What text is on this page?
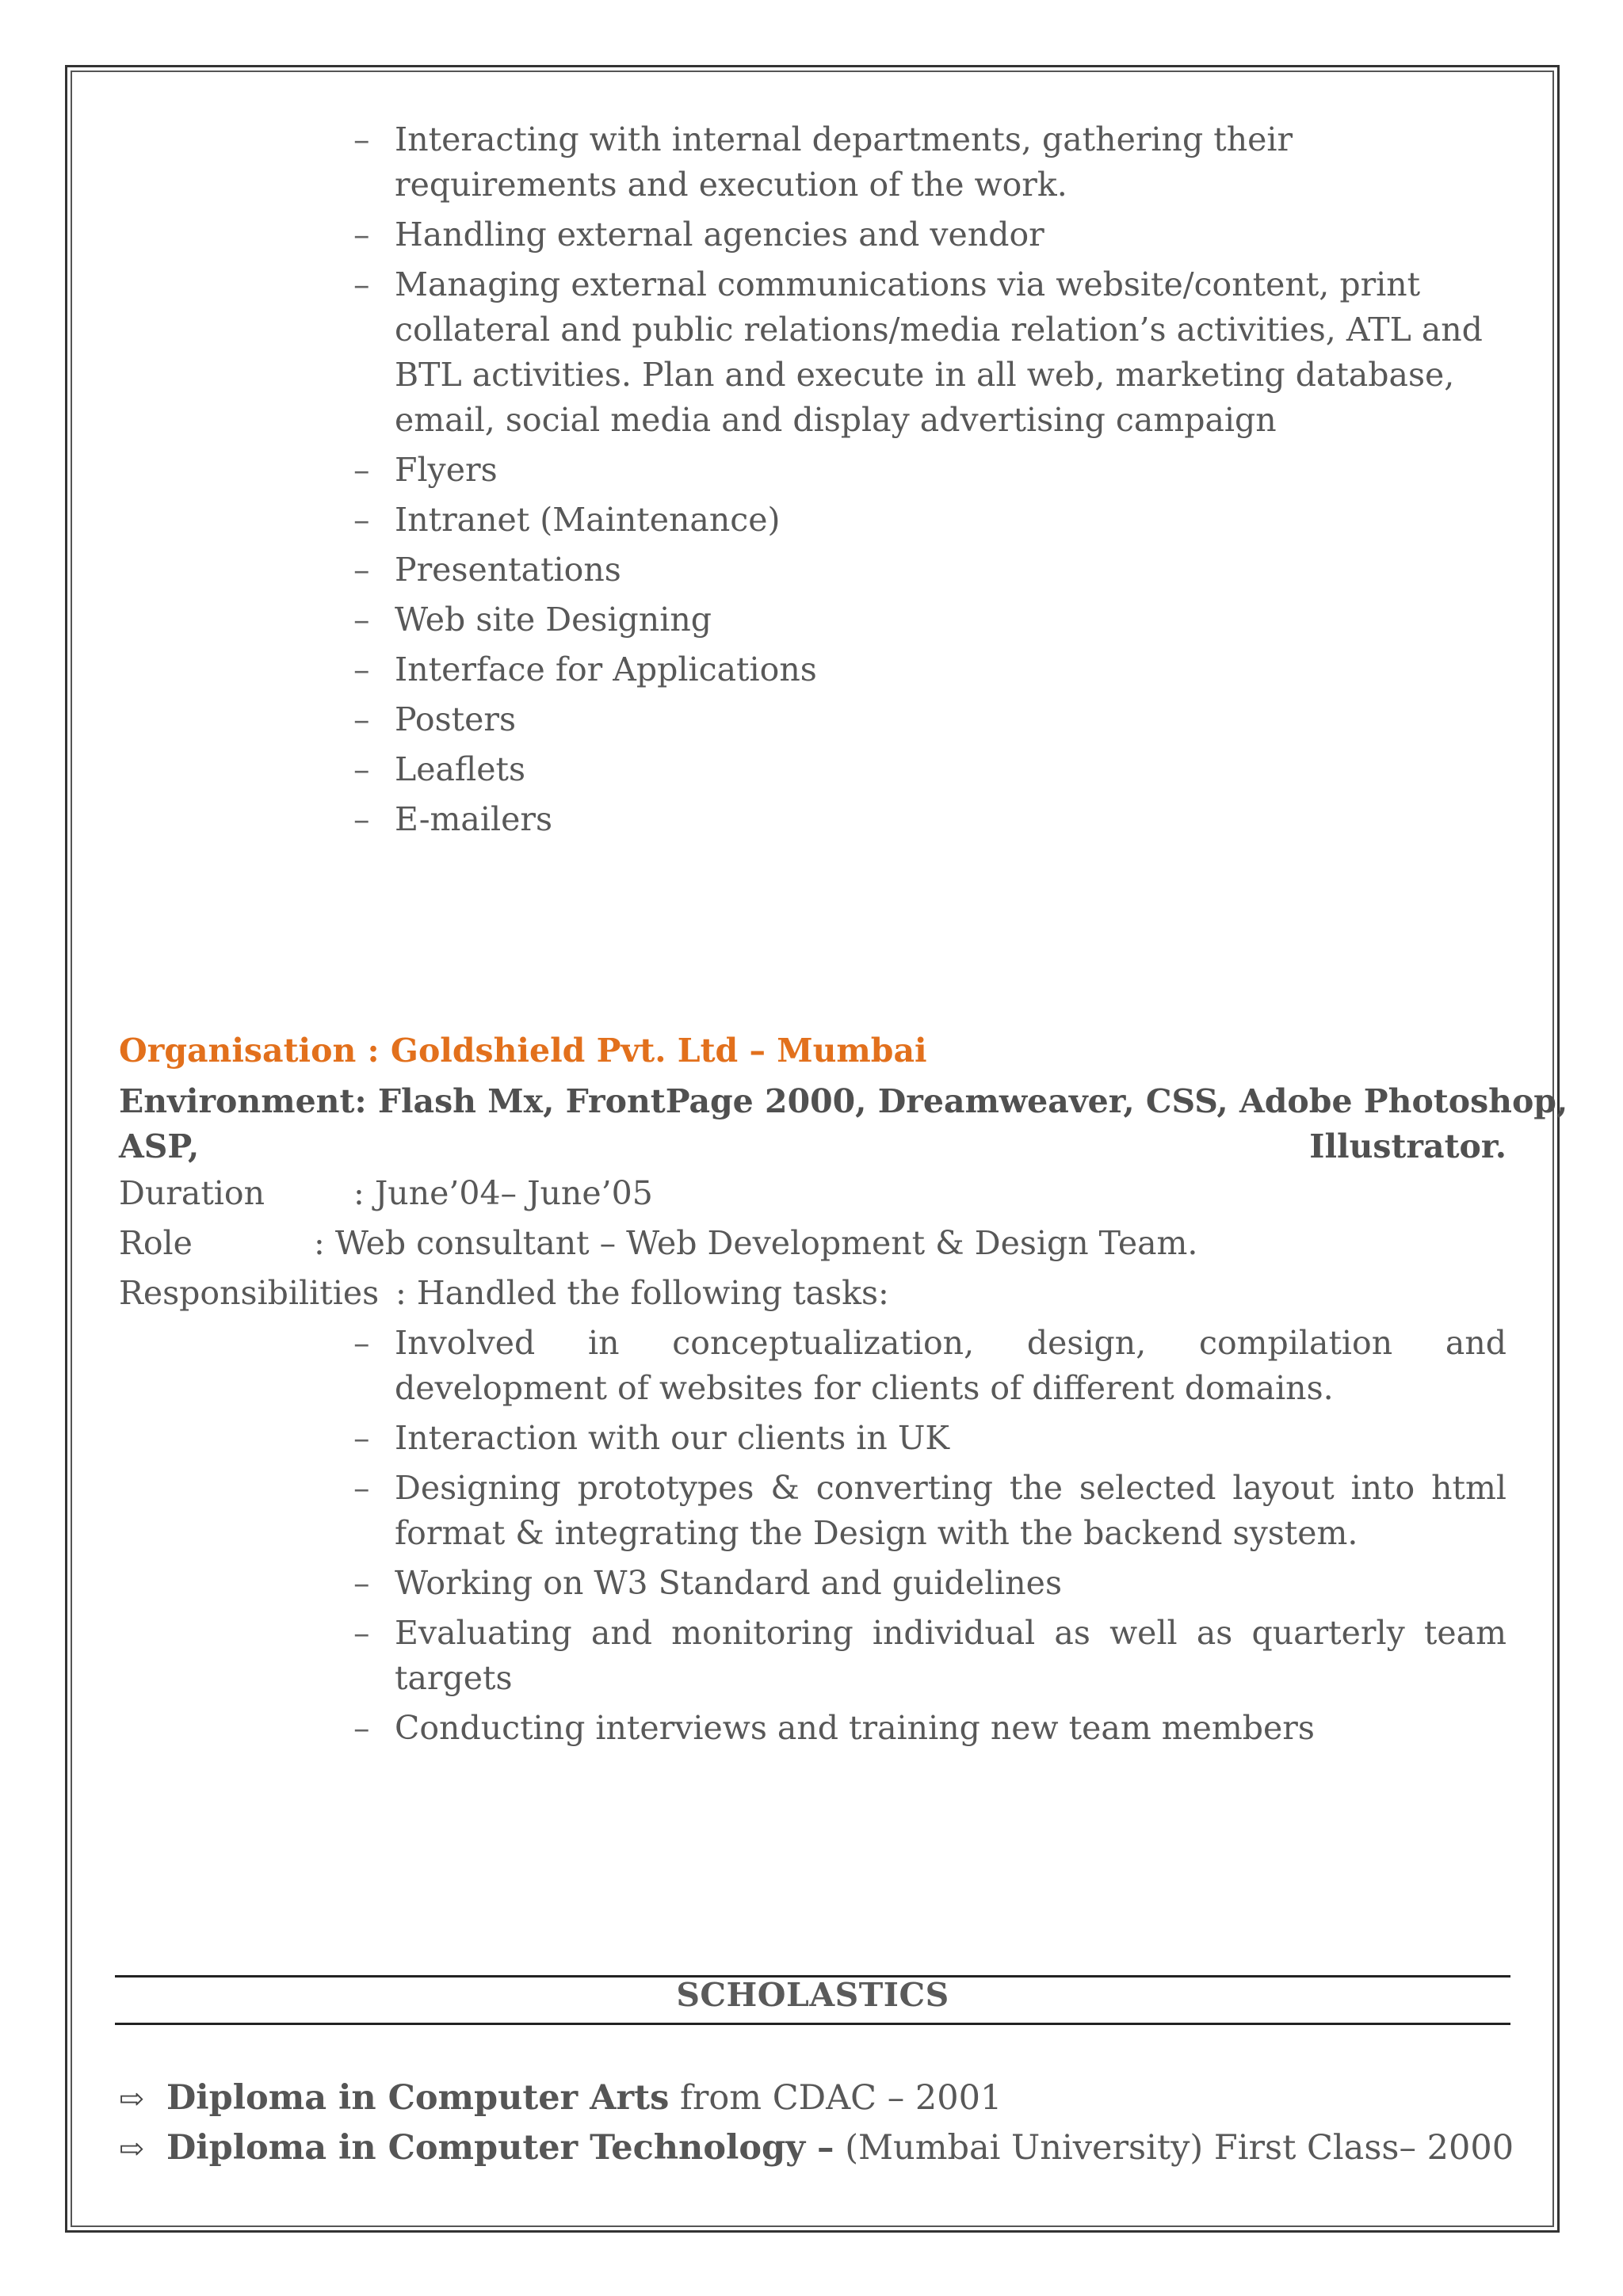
– Interacting with internal departments, gathering their requirements and execution of the work.
– Handling external agencies and vendor
– Managing external communications via website/content, print collateral and public relations/media relation’s activities, ATL and BTL activities. Plan and execute in all web, marketing database, email, social media and display advertising campaign
– Flyers
– Intranet (Maintenance)
– Presentations
– Web site Designing
– Interface for Applications
– Posters
– Leaflets
– E-mailers
Organisation : Goldshield Pvt. Ltd – Mumbai
Environment : Flash Mx, FrontPage 2000, Dreamweaver, CSS, Adobe Photoshop,
ASP,	Illustrator.
Duration	: June’04– June’05
Role	: Web consultant – Web Development & Design Team.
Responsibilities : Handled the following tasks:
– Involved in conceptualization, design, compilation and development of websites for clients of different domains.
– Interaction with our clients in UK
– Designing prototypes & converting the selected layout into html format & integrating the Design with the backend system.
– Working on W3 Standard and guidelines
– Evaluating and monitoring individual as well as quarterly team targets
– Conducting interviews and training new team members
SCHOLASTICS
⇨ Diploma in Computer Arts from CDAC – 2001
⇨ Diploma in Computer Technology – (Mumbai University) First Class– 2000
